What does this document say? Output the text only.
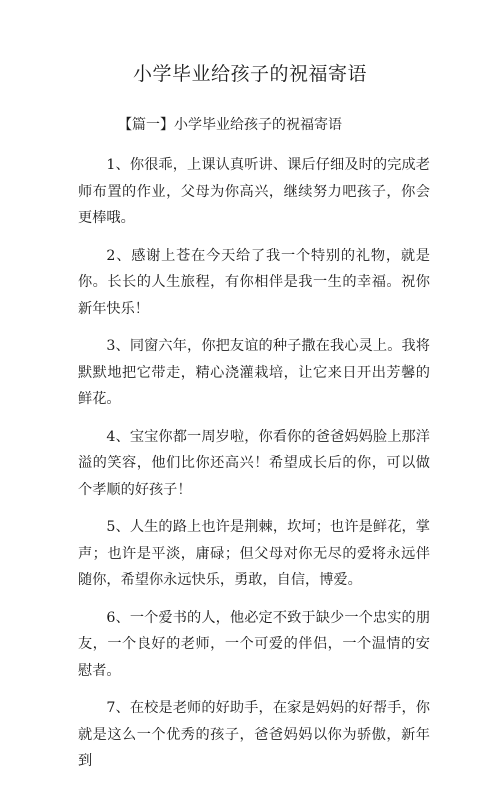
小学毕业给孩子的祝福寄语

【篇一】小学毕业给孩子的祝福寄语

1、你很乖，上课认真听讲、课后仔细及时的完成老师布置的作业，父母为你高兴，继续努力吧孩子，你会更棒哦。

2、感谢上苍在今天给了我一个特别的礼物，就是你。长长的人生旅程，有你相伴是我一生的幸福。祝你新年快乐！

3、同窗六年，你把友谊的种子撒在我心灵上。我将默默地把它带走，精心浇灌栽培，让它来日开出芳馨的鲜花。

4、宝宝你都一周岁啦，你看你的爸爸妈妈脸上那洋溢的笑容，他们比你还高兴！希望成长后的你，可以做个孝顺的好孩子！

5、人生的路上也许是荆棘，坎坷；也许是鲜花，掌声；也许是平淡，庸碌；但父母对你无尽的爱将永远伴随你，希望你永远快乐，勇敢，自信，博爱。

6、一个爱书的人，他必定不致于缺少一个忠实的朋友，一个良好的老师，一个可爱的伴侣，一个温情的安慰者。

7、在校是老师的好助手，在家是妈妈的好帮手，你就是这么一个优秀的孩子，爸爸妈妈以你为骄傲，新年到
